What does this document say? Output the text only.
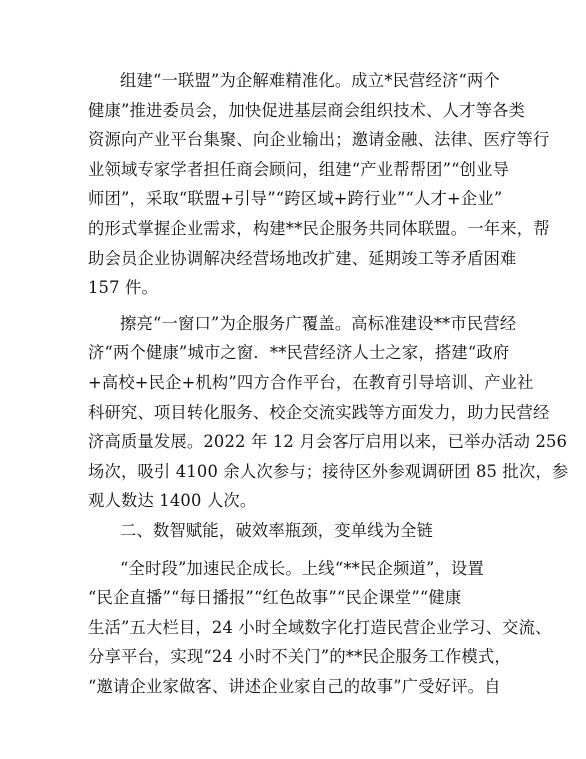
组建“一联盟”为企解难精准化。成立*民营经济“两个
健康”推进委员会，加快促进基层商会组织技术、人才等各类
资源向产业平台集聚、向企业输出；邀请金融、法律、医疗等行
业领域专家学者担任商会顾问，组建“产业帮帮团”“创业导
师团”，采取“联盟+引导”“跨区域+跨行业”“人才+企业”
的形式掌握企业需求，构建**民企服务共同体联盟。一年来，帮
助会员企业协调解决经营场地改扩建、延期竣工等矛盾困难
157 件。
擦亮“一窗口”为企服务广覆盖。高标准建设**市民营经
济“两个健康”城市之窗．**民营经济人士之家，搭建“政府
+高校+民企+机构”四方合作平台，在教育引导培训、产业社
科研究、项目转化服务、校企交流实践等方面发力，助力民营经
济高质量发展。2022 年 12 月会客厅启用以来，已举办活动 256
场次，吸引 4100 余人次参与；接待区外参观调研团 85 批次，参
观人数达 1400 人次。
二、数智赋能，破效率瓶颈，变单线为全链
“全时段”加速民企成长。上线“**民企频道”，设置
“民企直播”“每日播报”“红色故事”“民企课堂”“健康
生活”五大栏目，24 小时全域数字化打造民营企业学习、交流、
分享平台，实现“24 小时不关门”的**民企服务工作模式，
“邀请企业家做客、讲述企业家自己的故事”广受好评。自
